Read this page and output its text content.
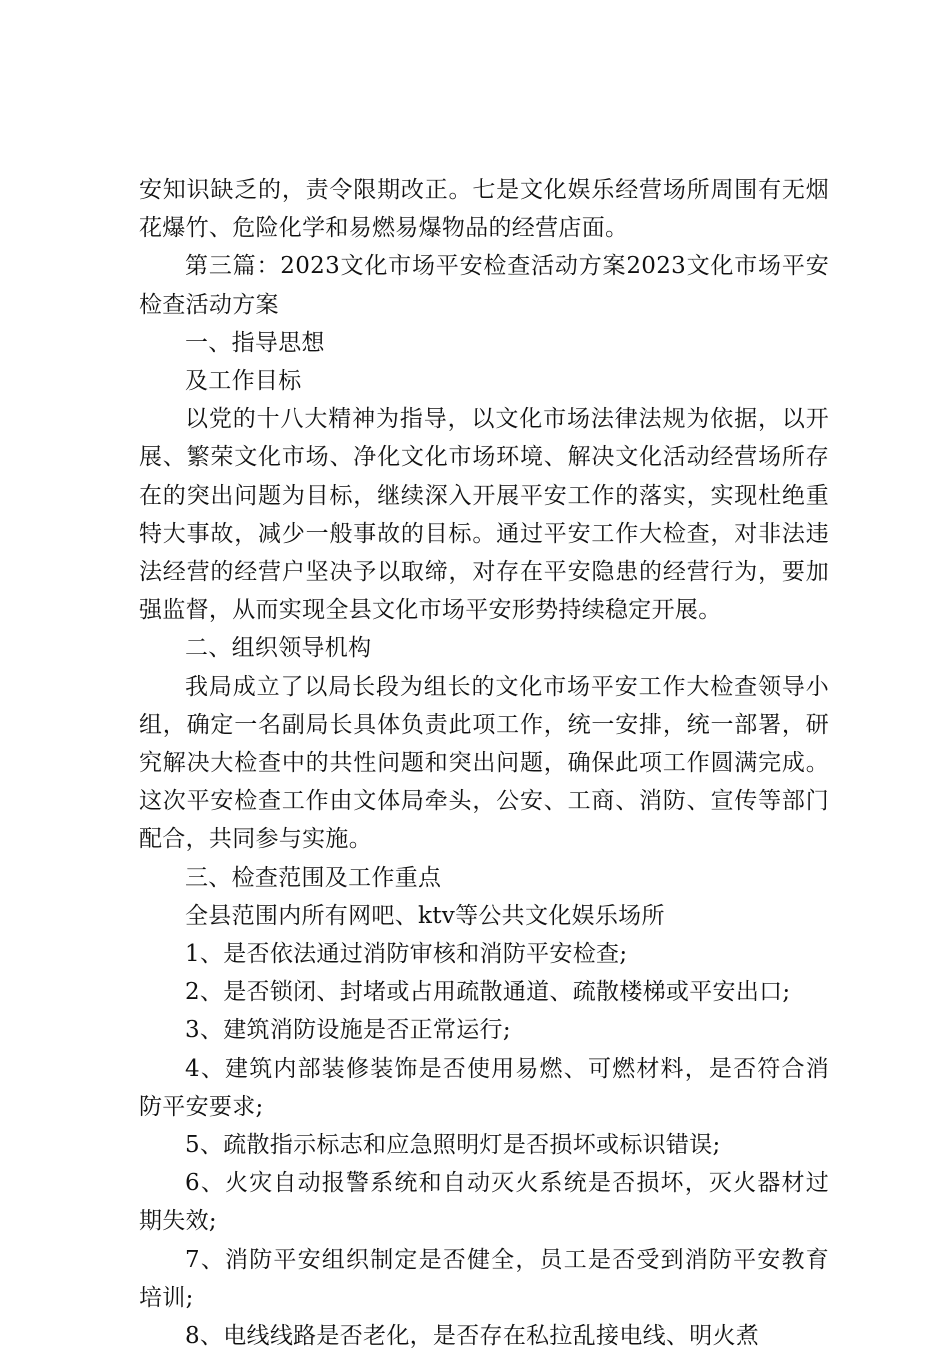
安知识缺乏的，责令限期改正。七是文化娱乐经营场所周围有无烟花爆竹、危险化学和易燃易爆物品的经营店面。

第三篇：2023文化市场平安检查活动方案2023文化市场平安检查活动方案

一、指导思想

及工作目标

以党的十八大精神为指导，以文化市场法律法规为依据，以开展、繁荣文化市场、净化文化市场环境、解决文化活动经营场所存在的突出问题为目标，继续深入开展平安工作的落实，实现杜绝重特大事故，减少一般事故的目标。通过平安工作大检查，对非法违法经营的经营户坚决予以取缔，对存在平安隐患的经营行为，要加强监督，从而实现全县文化市场平安形势持续稳定开展。

二、组织领导机构

我局成立了以局长段为组长的文化市场平安工作大检查领导小组，确定一名副局长具体负责此项工作，统一安排，统一部署，研究解决大检查中的共性问题和突出问题，确保此项工作圆满完成。这次平安检查工作由文体局牵头，公安、工商、消防、宣传等部门配合，共同参与实施。

三、检查范围及工作重点

全县范围内所有网吧、ktv等公共文化娱乐场所

1、是否依法通过消防审核和消防平安检查;

2、是否锁闭、封堵或占用疏散通道、疏散楼梯或平安出口;

3、建筑消防设施是否正常运行;

4、建筑内部装修装饰是否使用易燃、可燃材料，是否符合消防平安要求;

5、疏散指示标志和应急照明灯是否损坏或标识错误;

6、火灾自动报警系统和自动灭火系统是否损坏，灭火器材过期失效;

7、消防平安组织制定是否健全，员工是否受到消防平安教育培训;

8、电线线路是否老化，是否存在私拉乱接电线、明火煮
